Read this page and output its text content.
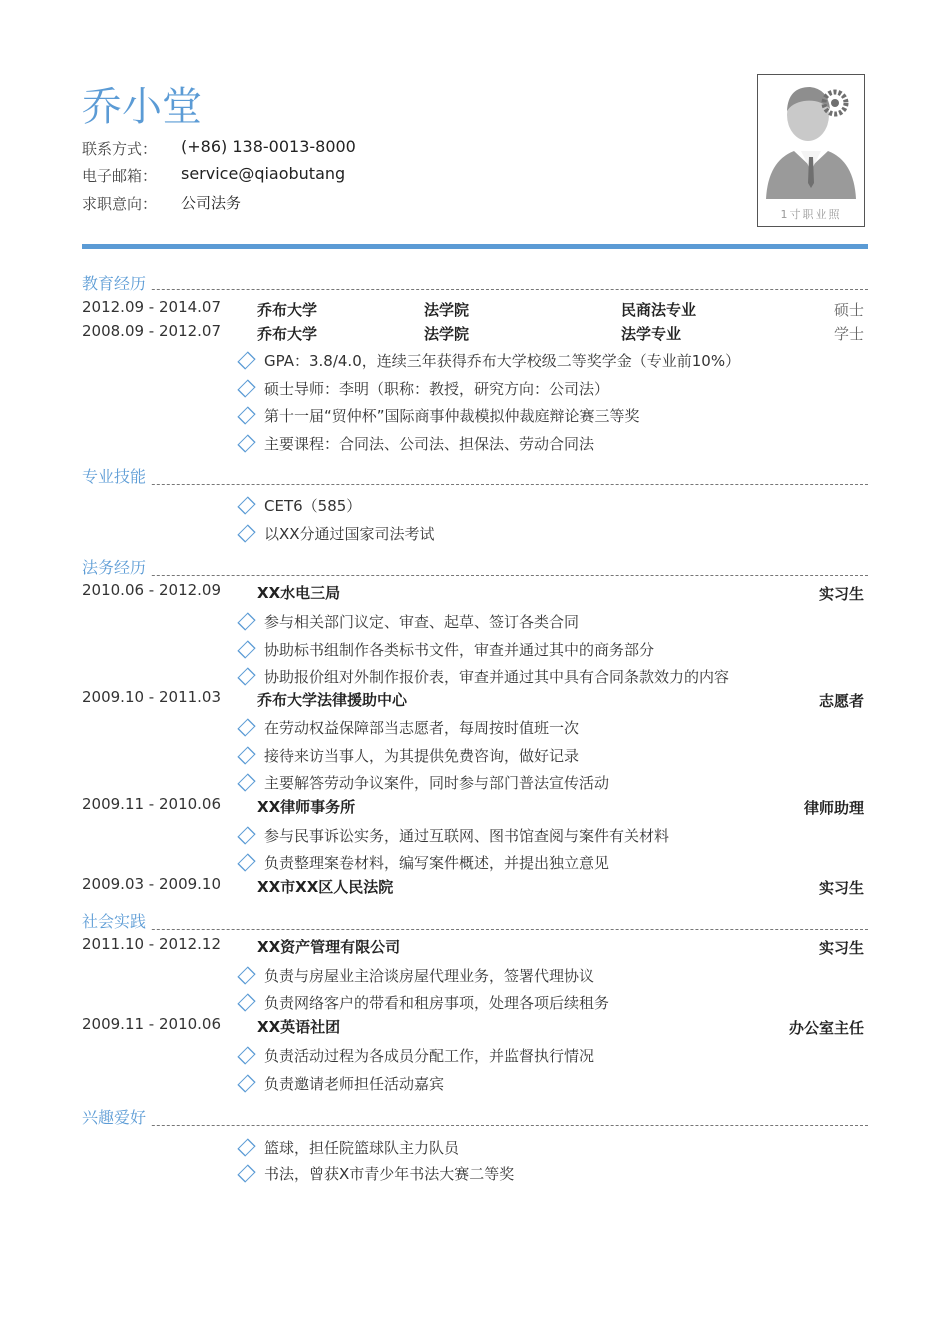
乔小堂
联系方式： (+86) 138-0013-8000
电子邮箱： service@qiaobutang
求职意向： 公司法务
1寸职业照
教育经历
2012.09 - 2014.07 乔布大学	法学院	民商法专业	硕士
2008.09 - 2012.07 乔布大学	法学院	法学专业	学士
GPA：3.8/4.0，连续三年获得乔布大学校级二等奖学金（专业前10%）
硕士导师：李明（职称：教授，研究方向：公司法）
第十一届“贸仲杯”国际商事仲裁模拟仲裁庭辩论赛三等奖
主要课程：合同法、公司法、担保法、劳动合同法
专业技能
CET6（585）
以XX分通过国家司法考试
法务经历
2010.06 - 2012.09 XX水电三局	实习生
参与相关部门议定、审查、起草、签订各类合同
协助标书组制作各类标书文件，审查并通过其中的商务部分
协助报价组对外制作报价表，审查并通过其中具有合同条款效力的内容
2009.10 - 2011.03 乔布大学法律援助中心	志愿者
在劳动权益保障部当志愿者，每周按时值班一次
接待来访当事人，为其提供免费咨询，做好记录
主要解答劳动争议案件，同时参与部门普法宣传活动
2009.11 - 2010.06 XX律师事务所	律师助理
参与民事诉讼实务，通过互联网、图书馆查阅与案件有关材料
负责整理案卷材料，编写案件概述，并提出独立意见
2009.03 - 2009.10 XX市XX区人民法院	实习生
社会实践
2011.10 - 2012.12 XX资产管理有限公司	实习生
负责与房屋业主洽谈房屋代理业务，签署代理协议
负责网络客户的带看和租房事项，处理各项后续租务
2009.11 - 2010.06 XX英语社团	办公室主任
负责活动过程为各成员分配工作，并监督执行情况
负责邀请老师担任活动嘉宾
兴趣爱好
篮球，担任院篮球队主力队员
书法，曾获X市青少年书法大赛二等奖
